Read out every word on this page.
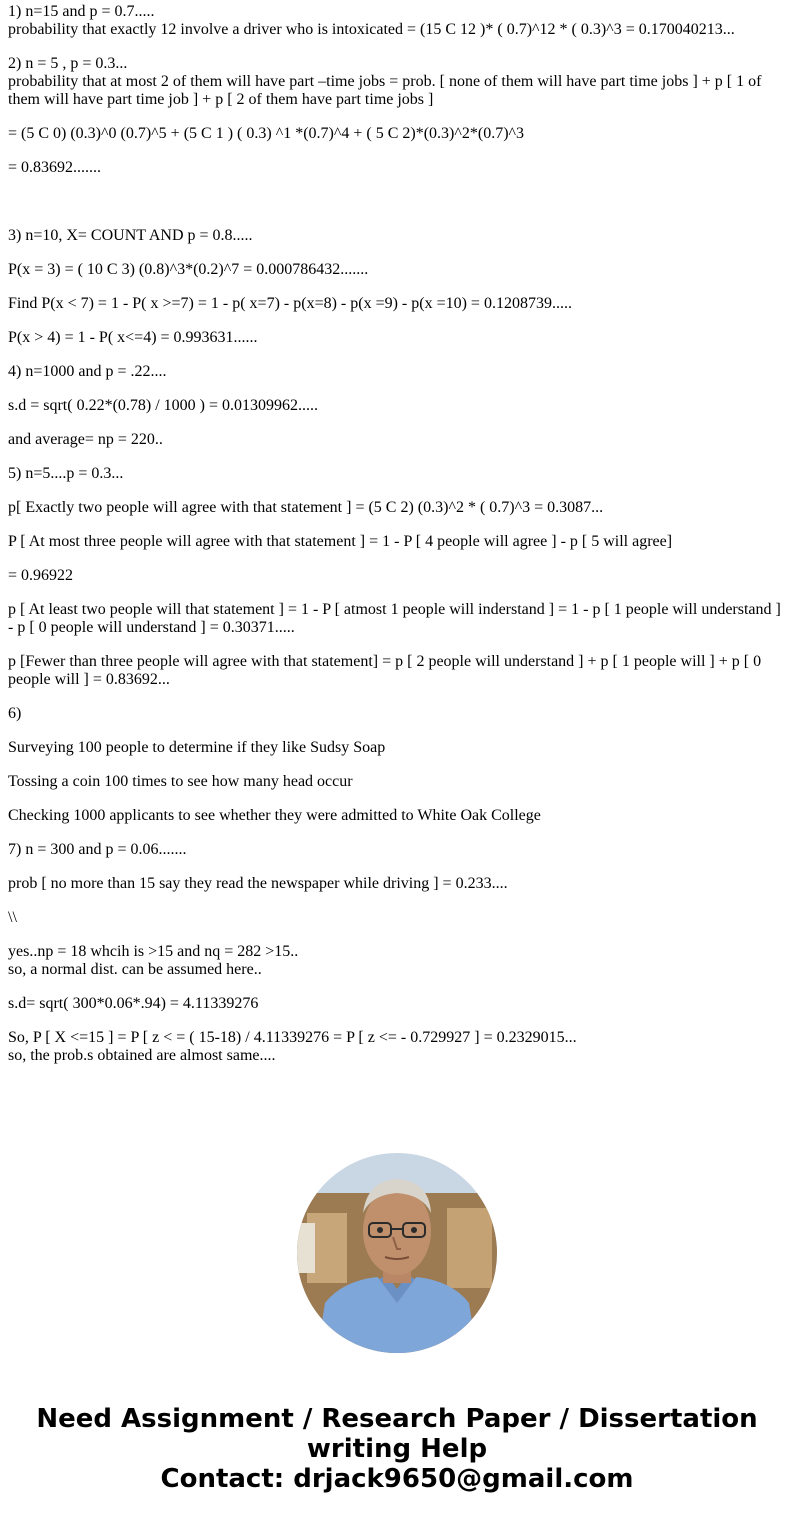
1) n=15 and p = 0.7.....
probability that exactly 12 involve a driver who is intoxicated = (15 C 12 )* ( 0.7)^12 * ( 0.3)^3 = 0.170040213...
2) n = 5 , p = 0.3...
probability that at most 2 of them will have part –time jobs = prob. [ none of them will have part time jobs ] + p [ 1 of them will have part time job ] + p [ 2 of them have part time jobs ]
= (5 C 0) (0.3)^0 (0.7)^5 + (5 C 1 ) ( 0.3) ^1 *(0.7)^4 + ( 5 C 2)*(0.3)^2*(0.7)^3
= 0.83692.......
3) n=10, X= COUNT AND p = 0.8.....
P(x = 3) = ( 10 C 3) (0.8)^3*(0.2)^7 = 0.000786432.......
Find P(x < 7) = 1 - P( x >=7) = 1 - p( x=7) - p(x=8) - p(x =9) - p(x =10) = 0.1208739.....
P(x > 4) = 1 - P( x<=4) = 0.993631......
4) n=1000 and p = .22....
s.d = sqrt( 0.22*(0.78) / 1000 ) = 0.01309962.....
and average= np = 220..
5) n=5....p = 0.3...
p[ Exactly two people will agree with that statement ] = (5 C 2) (0.3)^2 * ( 0.7)^3 = 0.3087...
P [ At most three people will agree with that statement ] = 1 - P [ 4 people will agree ] - p [ 5 will agree]
= 0.96922
p [ At least two people will that statement ] = 1 - P [ atmost 1 people will inderstand ] = 1 - p [ 1 people will understand ] - p [ 0 people will understand ] = 0.30371.....
p [Fewer than three people will agree with that statement] = p [ 2 people will understand ] + p [ 1 people will ] + p [ 0 people will ] = 0.83692...
6)
Surveying 100 people to determine if they like Sudsy Soap
Tossing a coin 100 times to see how many head occur
Checking 1000 applicants to see whether they were admitted to White Oak College
7) n = 300 and p = 0.06.......
prob [ no more than 15 say they read the newspaper while driving ] = 0.233....
\\
yes..np = 18 whcih is >15 and nq = 282 >15..
so, a normal dist. can be assumed here..
s.d= sqrt( 300*0.06*.94) = 4.11339276
So, P [ X <=15 ] = P [ z < = ( 15-18) / 4.11339276 = P [ z <= - 0.729927 ] = 0.2329015...
so, the prob.s obtained are almost same....
Need Assignment / Research Paper / Dissertation
writing Help
Contact: drjack9650@gmail.com
